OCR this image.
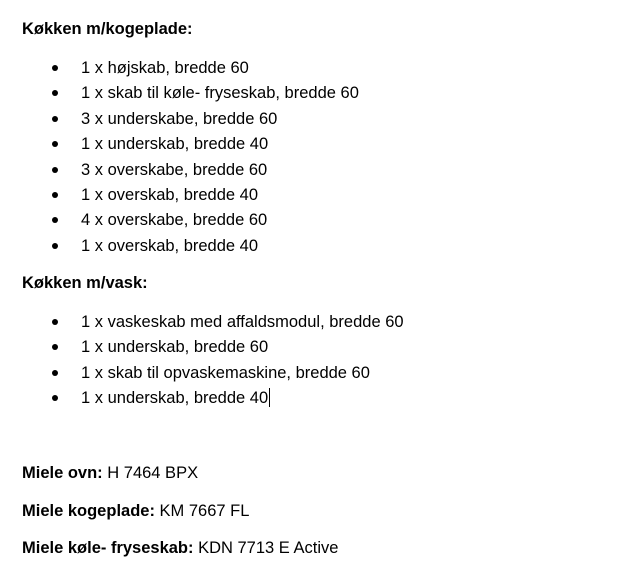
Køkken m/kogeplade:
1 x højskab, bredde 60
1 x skab til køle- fryseskab, bredde 60
3 x underskabe, bredde 60
1 x underskab, bredde 40
3 x overskabe, bredde 60
1 x overskab, bredde 40
4 x overskabe, bredde 60
1 x overskab, bredde 40
Køkken m/vask:
1 x vaskeskab med affaldsmodul, bredde 60
1 x underskab, bredde 60
1 x skab til opvaskemaskine, bredde 60
1 x underskab, bredde 40
Miele ovn: H 7464 BPX
Miele kogeplade: KM 7667 FL
Miele køle- fryseskab: KDN 7713 E Active
